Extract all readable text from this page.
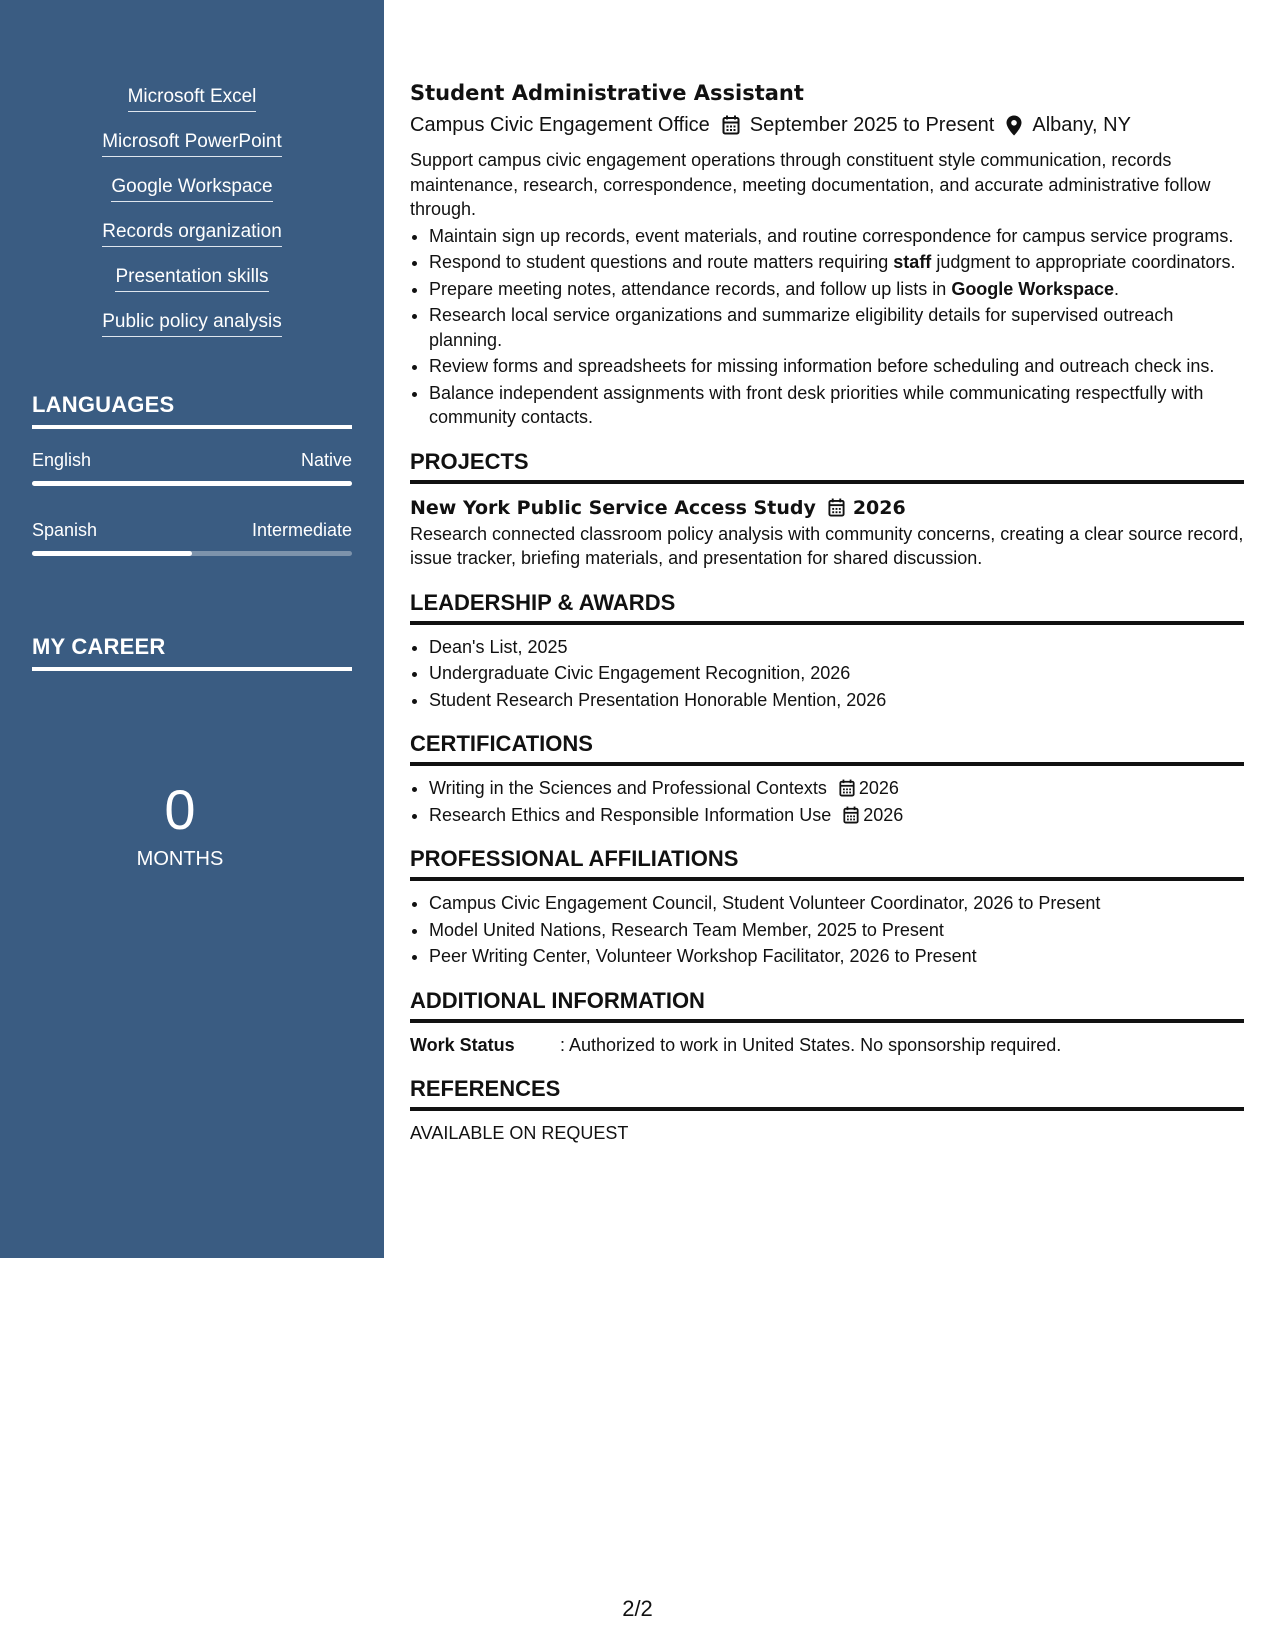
Microsoft Excel
Microsoft PowerPoint
Google Workspace
Records organization
Presentation skills
Public policy analysis
LANGUAGES
English	Native
Spanish	Intermediate
MY CAREER
0
MONTHS
Student Administrative Assistant
Campus Civic Engagement Office September 2025 to Present Albany, NY
Support campus civic engagement operations through constituent style communication, records maintenance, research, correspondence, meeting documentation, and accurate administrative follow through.
• Maintain sign up records, event materials, and routine correspondence for campus service programs.
• Respond to student questions and route matters requiring staff judgment to appropriate coordinators.
• Prepare meeting notes, attendance records, and follow up lists in Google Workspace.
• Research local service organizations and summarize eligibility details for supervised outreach planning.
• Review forms and spreadsheets for missing information before scheduling and outreach check ins.
• Balance independent assignments with front desk priorities while communicating respectfully with community contacts.
PROJECTS
New York Public Service Access Study 2026
Research connected classroom policy analysis with community concerns, creating a clear source record, issue tracker, briefing materials, and presentation for shared discussion.
LEADERSHIP & AWARDS
• Dean's List, 2025
• Undergraduate Civic Engagement Recognition, 2026
• Student Research Presentation Honorable Mention, 2026
CERTIFICATIONS
• Writing in the Sciences and Professional Contexts 2026
• Research Ethics and Responsible Information Use 2026
PROFESSIONAL AFFILIATIONS
• Campus Civic Engagement Council, Student Volunteer Coordinator, 2026 to Present
• Model United Nations, Research Team Member, 2025 to Present
• Peer Writing Center, Volunteer Workshop Facilitator, 2026 to Present
ADDITIONAL INFORMATION
Work Status	: Authorized to work in United States. No sponsorship required.
REFERENCES
AVAILABLE ON REQUEST
2/2
